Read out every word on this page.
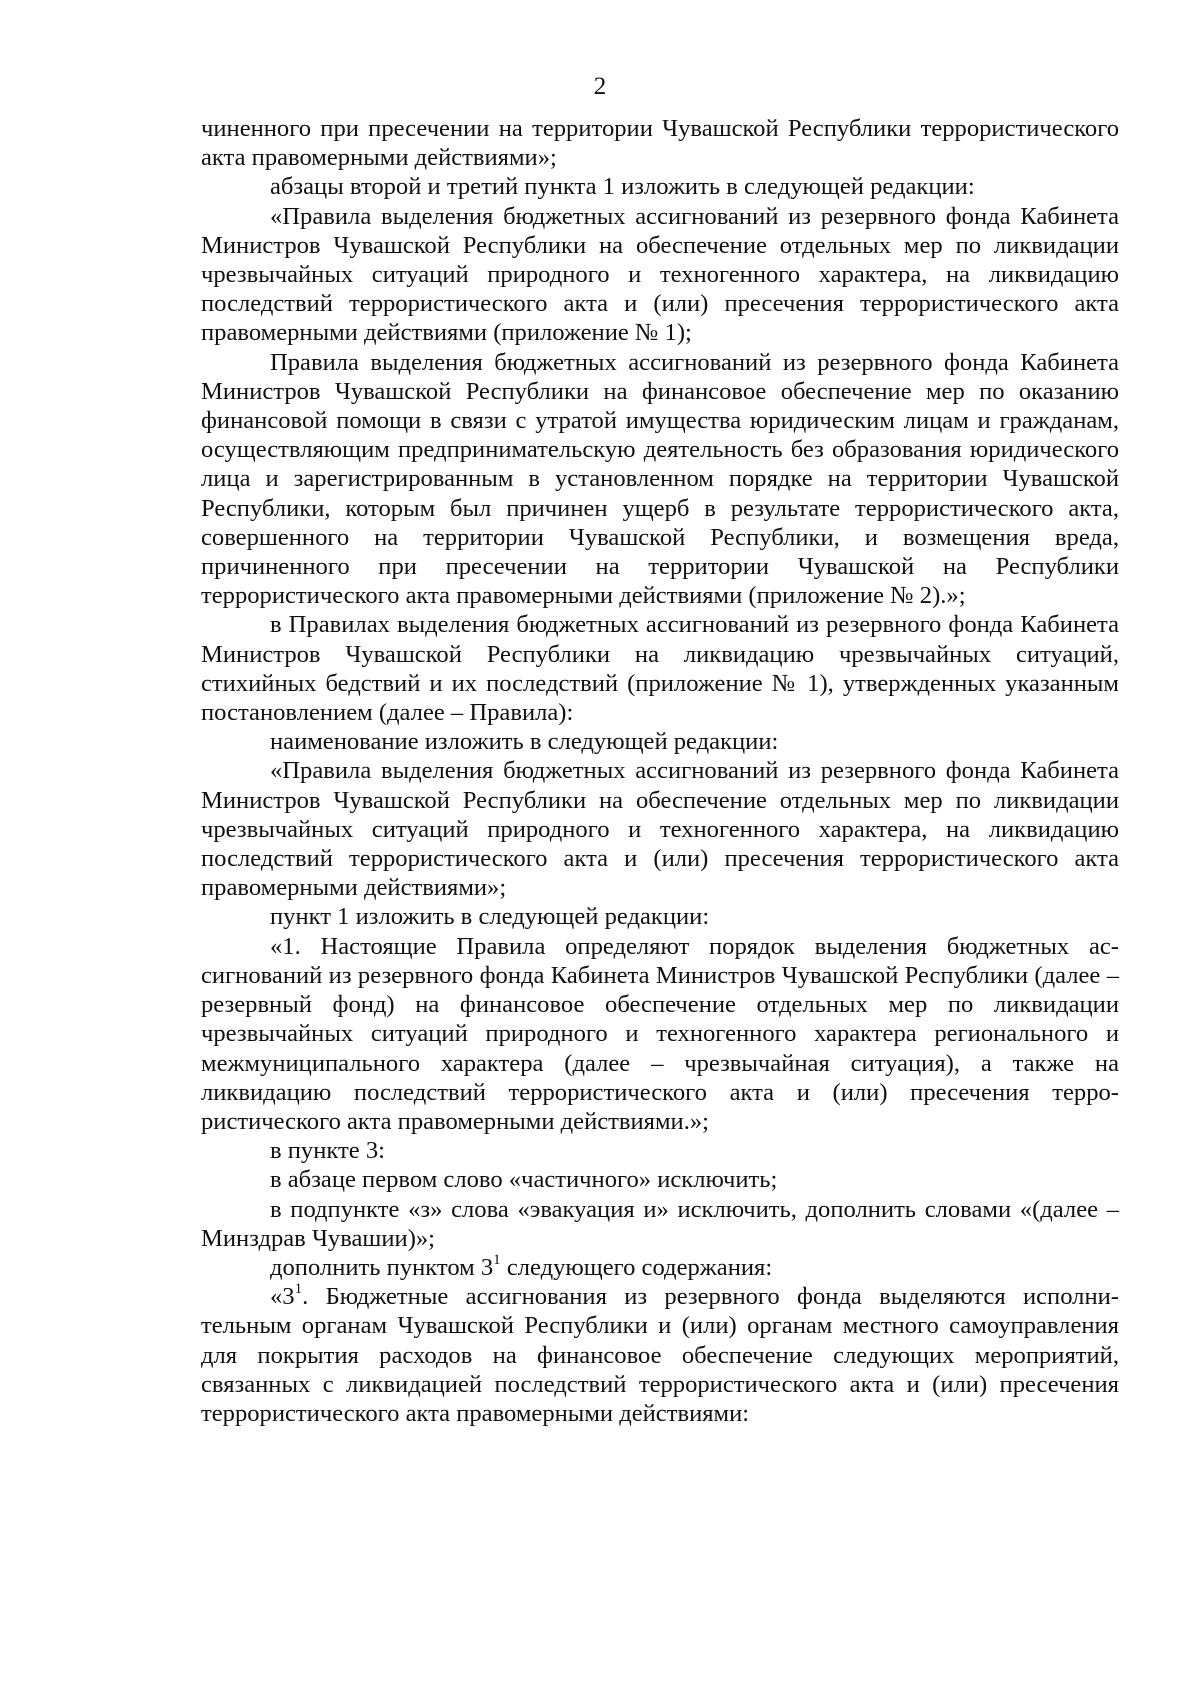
2

чиненного при пресечении на территории Чувашской Республики террористического акта правомерными действиями»;

абзацы второй и третий пункта 1 изложить в следующей редакции:

«Правила выделения бюджетных ассигнований из резервного фонда Кабинета Министров Чувашской Республики на обеспечение отдельных мер по ликвидации чрезвычайных ситуаций природного и техногенного характера, на ликвидацию последствий террористического акта и (или) пресечения террористического акта правомерными действиями (приложение № 1);

Правила выделения бюджетных ассигнований из резервного фонда Кабинета Министров Чувашской Республики на финансовое обеспечение мер по оказанию финансовой помощи в связи с утратой имущества юридическим лицам и гражданам, осуществляющим предпринимательскую деятельность без образования юридического лица и зарегистрированным в установленном порядке на территории Чувашской Республики, которым был причинен ущерб в результате террористического акта, совершенного на территории Чувашской Республики, и возмещения вреда, причиненного при пресечении на территории Чувашской на Республики террористического акта правомерными действиями (приложение № 2).»;

в Правилах выделения бюджетных ассигнований из резервного фонда Кабинета Министров Чувашской Республики на ликвидацию чрезвычайных ситуаций, стихийных бедствий и их последствий (приложение № 1), утвержденных указанным постановлением (далее – Правила):

наименование изложить в следующей редакции:

«Правила выделения бюджетных ассигнований из резервного фонда Кабинета Министров Чувашской Республики на обеспечение отдельных мер по ликвидации чрезвычайных ситуаций природного и техногенного характера, на ликвидацию последствий террористического акта и (или) пресечения террористического акта правомерными действиями»;

пункт 1 изложить в следующей редакции:

«1. Настоящие Правила определяют порядок выделения бюджетных ассигнований из резервного фонда Кабинета Министров Чувашской Республики (далее – резервный фонд) на финансовое обеспечение отдельных мер по ликвидации чрезвычайных ситуаций природного и техногенного характера регионального и межмуниципального характера (далее – чрезвычайная ситуация), а также на ликвидацию последствий террористического акта и (или) пресечения террористического акта правомерными действиями.»;

в пункте 3:

в абзаце первом слово «частичного» исключить;

в подпункте «з» слова «эвакуация и» исключить, дополнить словами «(далее – Минздрав Чувашии)»;

дополнить пунктом $3^1$ следующего содержания:

«$3^1$. Бюджетные ассигнования из резервного фонда выделяются исполнительным органам Чувашской Республики и (или) органам местного самоуправления для покрытия расходов на финансовое обеспечение следующих мероприятий, связанных с ликвидацией последствий террористического акта и (или) пресечения террористического акта правомерными действиями:
